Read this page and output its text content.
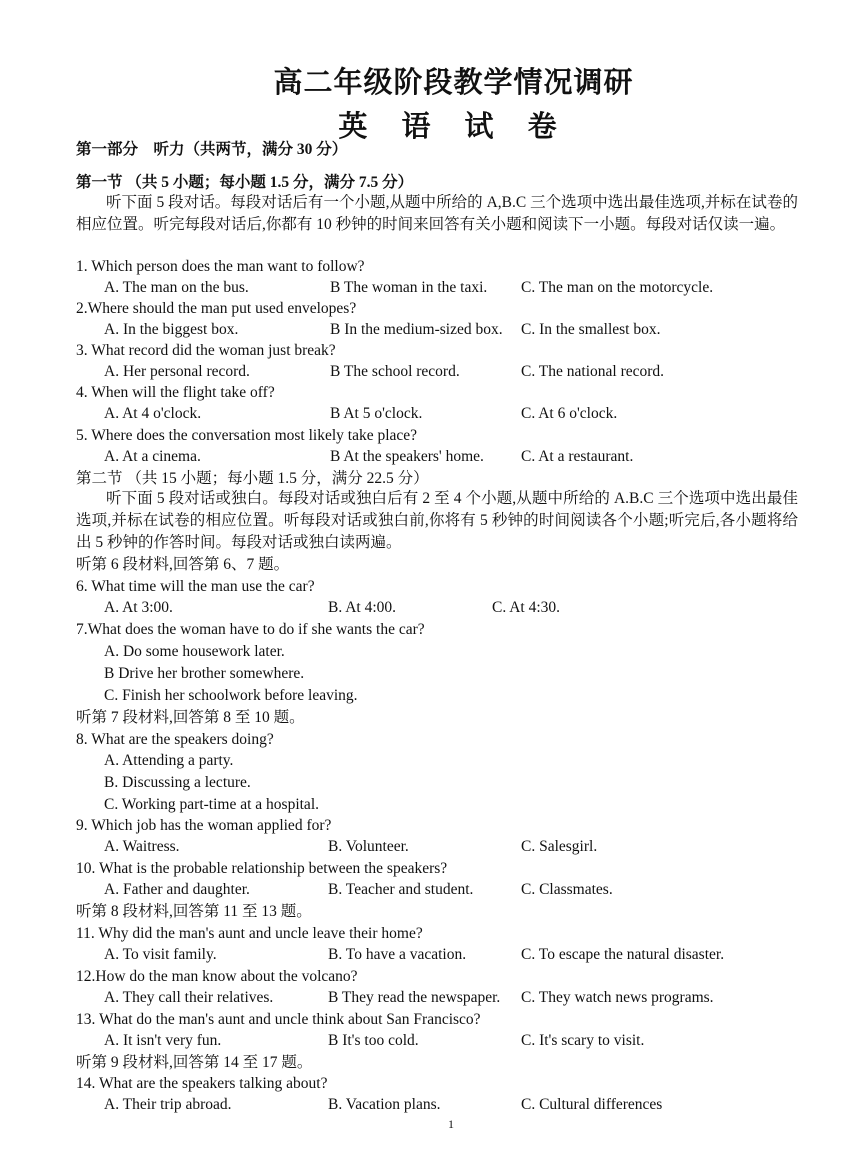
高二年级阶段教学情况调研
英 语 试 卷
第一部分　听力（共两节，满分 30 分）
第一节 （共 5 小题；每小题 1.5 分，满分 7.5 分）
听下面 5 段对话。每段对话后有一个小题,从题中所给的 A,B.C 三个选项中选出最佳选项,并标在试卷的相应位置。听完每段对话后,你都有 10 秒钟的时间来回答有关小题和阅读下一小题。每段对话仅读一遍。
1. Which person does the man want to follow?
A. The man on the bus.	B The woman in the taxi. C. The man on the motorcycle.
2.Where should the man put used envelopes?
A. In the biggest box.	B In the medium-sized box. C. In the smallest box.
3. What record did the woman just break?
A. Her personal record.	B The school record.	C. The national record.
4. When will the flight take off?
A. At 4 o'clock.	B At 5 o'clock.	C. At 6 o'clock.
5. Where does the conversation most likely take place?
A. At a cinema.	B At the speakers' home. C. At a restaurant.
第二节 （共 15 小题；每小题 1.5 分，满分 22.5 分）
听下面 5 段对话或独白。每段对话或独白后有 2 至 4 个小题,从题中所给的 A.B.C 三个选项中选出最佳选项,并标在试卷的相应位置。听每段对话或独白前,你将有 5 秒钟的时间阅读各个小题;听完后,各小题将给出 5 秒钟的作答时间。每段对话或独白读两遍。
听第 6 段材料,回答第 6、7 题。
6. What time will the man use the car?
A. At 3:00.	B. At 4:00.	C. At 4:30.
7.What does the woman have to do if she wants the car?
A. Do some housework later.
B Drive her brother somewhere.
C. Finish her schoolwork before leaving.
听第 7 段材料,回答第 8 至 10 题。
8. What are the speakers doing?
A. Attending a party.
B. Discussing a lecture.
C. Working part-time at a hospital.
9. Which job has the woman applied for?
A. Waitress.	B. Volunteer.	C. Salesgirl.
10. What is the probable relationship between the speakers?
A. Father and daughter.	B. Teacher and student.	C. Classmates.
听第 8 段材料,回答第 11 至 13 题。
11. Why did the man's aunt and uncle leave their home?
A. To visit family.	B. To have a vacation.	C. To escape the natural disaster.
12.How do the man know about the volcano?
A. They call their relatives.	B They read the newspaper. C. They watch news programs.
13. What do the man's aunt and uncle think about San Francisco?
A. It isn't very fun.	B It's too cold.	C. It's scary to visit.
听第 9 段材料,回答第 14 至 17 题。
14. What are the speakers talking about?
A. Their trip abroad.	B. Vacation plans.	C. Cultural differences
1
